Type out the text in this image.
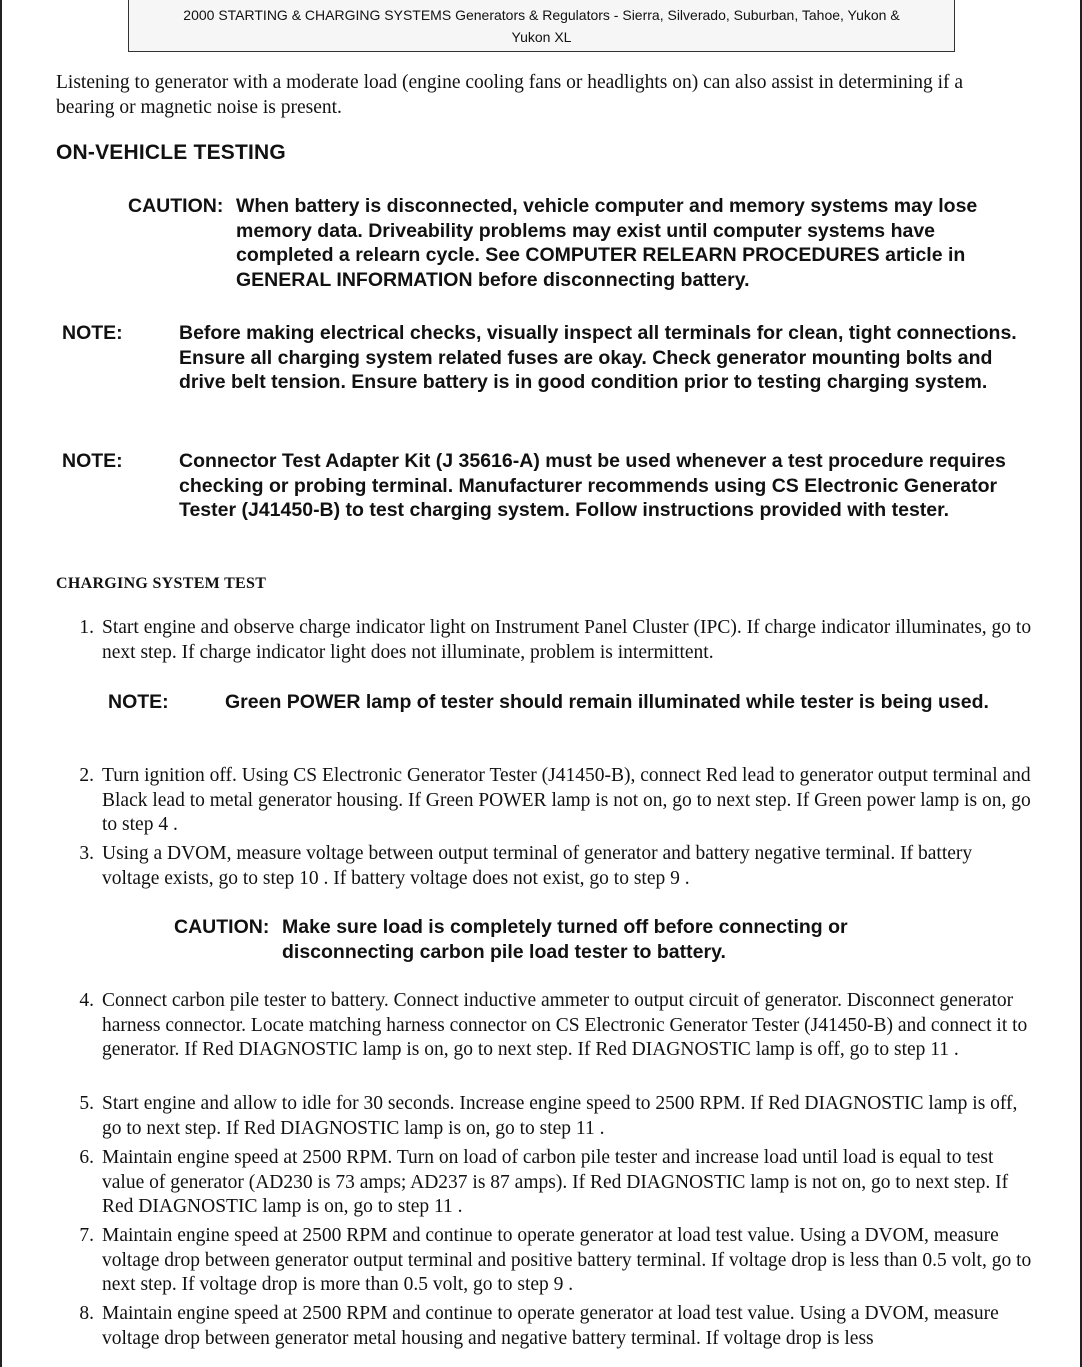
2000 STARTING & CHARGING SYSTEMS Generators & Regulators - Sierra, Silverado, Suburban, Tahoe, Yukon &
Yukon XL
Listening to generator with a moderate load (engine cooling fans or headlights on) can also assist in determining if a bearing or magnetic noise is present.
ON-VEHICLE TESTING
CAUTION: When battery is disconnected, vehicle computer and memory systems may lose memory data. Driveability problems may exist until computer systems have completed a relearn cycle. See COMPUTER RELEARN PROCEDURES article in GENERAL INFORMATION before disconnecting battery.
NOTE:	Before making electrical checks, visually inspect all terminals for clean, tight connections. Ensure all charging system related fuses are okay. Check generator mounting bolts and drive belt tension. Ensure battery is in good condition prior to testing charging system.
NOTE:	Connector Test Adapter Kit (J 35616-A) must be used whenever a test procedure requires checking or probing terminal. Manufacturer recommends using CS Electronic Generator Tester (J41450-B) to test charging system. Follow instructions provided with tester.
CHARGING SYSTEM TEST
1. Start engine and observe charge indicator light on Instrument Panel Cluster (IPC). If charge indicator illuminates, go to next step. If charge indicator light does not illuminate, problem is intermittent.
NOTE:	Green POWER lamp of tester should remain illuminated while tester is being used.
2. Turn ignition off. Using CS Electronic Generator Tester (J41450-B), connect Red lead to generator output terminal and Black lead to metal generator housing. If Green POWER lamp is not on, go to next step. If Green power lamp is on, go to step 4 .
3. Using a DVOM, measure voltage between output terminal of generator and battery negative terminal. If battery voltage exists, go to step 10 . If battery voltage does not exist, go to step 9 .
CAUTION: Make sure load is completely turned off before connecting or disconnecting carbon pile load tester to battery.
4. Connect carbon pile tester to battery. Connect inductive ammeter to output circuit of generator. Disconnect generator harness connector. Locate matching harness connector on CS Electronic Generator Tester (J41450-B) and connect it to generator. If Red DIAGNOSTIC lamp is on, go to next step. If Red DIAGNOSTIC lamp is off, go to step 11 .
5. Start engine and allow to idle for 30 seconds. Increase engine speed to 2500 RPM. If Red DIAGNOSTIC lamp is off, go to next step. If Red DIAGNOSTIC lamp is on, go to step 11 .
6. Maintain engine speed at 2500 RPM. Turn on load of carbon pile tester and increase load until load is equal to test value of generator (AD230 is 73 amps; AD237 is 87 amps). If Red DIAGNOSTIC lamp is not on, go to next step. If Red DIAGNOSTIC lamp is on, go to step 11 .
7. Maintain engine speed at 2500 RPM and continue to operate generator at load test value. Using a DVOM, measure voltage drop between generator output terminal and positive battery terminal. If voltage drop is less than 0.5 volt, go to next step. If voltage drop is more than 0.5 volt, go to step 9 .
8. Maintain engine speed at 2500 RPM and continue to operate generator at load test value. Using a DVOM, measure voltage drop between generator metal housing and negative battery terminal. If voltage drop is less
